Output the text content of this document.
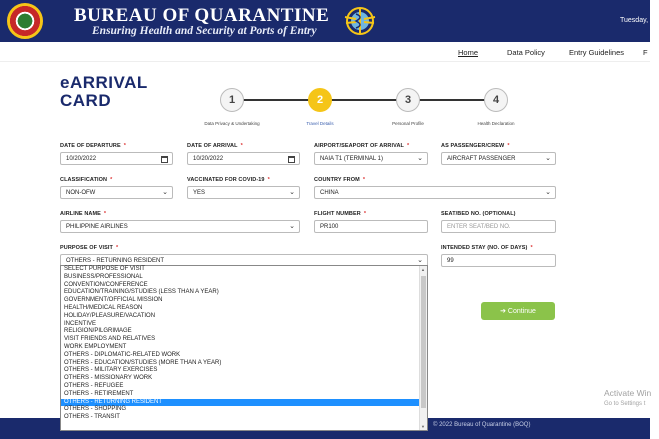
BUREAU OF QUARANTINE
Ensuring Health and Security at Ports of Entry
Tuesday, Oc
Home	Data Policy	Entry Guidelines	F
eARRIVAL
CARD	1	2	3	4
Data Privacy & Undertaking	Travel Details	Personal Profile	Health Declaration
DATE OF DEPARTURE *
10/20/2022
DATE OF ARRIVAL *
10/20/2022
AIRPORT/SEAPORT OF ARRIVAL *
NAIA T1 (TERMINAL 1)	⌄
AS PASSENGER/CREW *
AIRCRAFT PASSENGER	⌄
CLASSIFICATION *
NON-OFW	⌄
VACCINATED FOR COVID-19 *
YES	⌄
COUNTRY FROM *
CHINA	⌄
AIRLINE NAME *
PHILIPPINE AIRLINES	⌄
FLIGHT NUMBER *
PR100
SEAT/BED NO. (OPTIONAL)
ENTER SEAT/BED NO.
PURPOSE OF VISIT *
OTHERS - RETURNING RESIDENT	⌄
INTENDED STAY (NO. OF DAYS) *
99
➔ Continue
© 2022 Bureau of Quarantine (BOQ)
Activate Win
Go to Settings t
SELECT PURPOSE OF VISIT
BUSINESS/PROFESSIONAL
CONVENTION/CONFERENCE
EDUCATION/TRAINING/STUDIES (LESS THAN A YEAR)
GOVERNMENT/OFFICIAL MISSION
HEALTH/MEDICAL REASON
HOLIDAY/PLEASURE/VACATION
INCENTIVE
RELIGION/PILGRIMAGE
VISIT FRIENDS AND RELATIVES
WORK EMPLOYMENT
OTHERS - DIPLOMATIC-RELATED WORK
OTHERS - EDUCATION/STUDIES (MORE THAN A YEAR)
OTHERS - MILITARY EXERCISES
OTHERS - MISSIONARY WORK
OTHERS - REFUGEE
OTHERS - RETIREMENT
OTHERS - RETURNING RESIDENT
OTHERS - SHOPPING
OTHERS - TRANSIT
▲
▼
